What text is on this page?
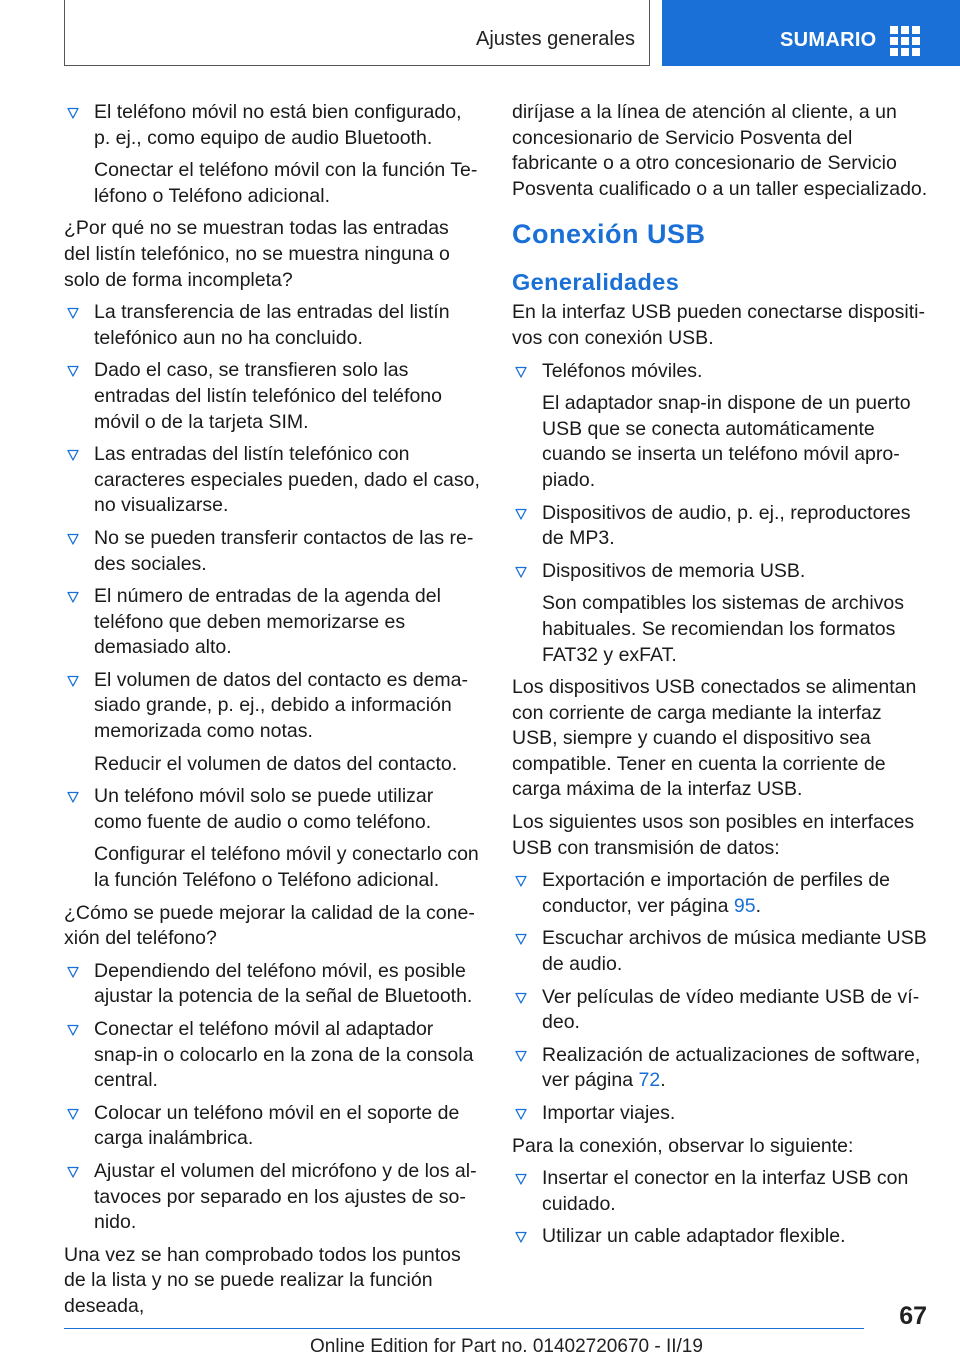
Ajustes generales	SUMARIO
El teléfono móvil no está bien configurado, p. ej., como equipo de audio Bluetooth.
Conectar el teléfono móvil con la función Teléfono o Teléfono adicional.
¿Por qué no se muestran todas las entradas del listín telefónico, no se muestra ninguna o solo de forma incompleta?
La transferencia de las entradas del listín telefónico aun no ha concluido.
Dado el caso, se transfieren solo las entradas del listín telefónico del teléfono móvil o de la tarjeta SIM.
Las entradas del listín telefónico con caracteres especiales pueden, dado el caso, no visualizarse.
No se pueden transferir contactos de las redes sociales.
El número de entradas de la agenda del teléfono que deben memorizarse es demasiado alto.
El volumen de datos del contacto es demasiado grande, p. ej., debido a información memorizada como notas.
Reducir el volumen de datos del contacto.
Un teléfono móvil solo se puede utilizar como fuente de audio o como teléfono.
Configurar el teléfono móvil y conectarlo con la función Teléfono o Teléfono adicional.
¿Cómo se puede mejorar la calidad de la conexión del teléfono?
Dependiendo del teléfono móvil, es posible ajustar la potencia de la señal de Bluetooth.
Conectar el teléfono móvil al adaptador snap-in o colocarlo en la zona de la consola central.
Colocar un teléfono móvil en el soporte de carga inalámbrica.
Ajustar el volumen del micrófono y de los altavoces por separado en los ajustes de sonido.
Una vez se han comprobado todos los puntos de la lista y no se puede realizar la función deseada,
diríjase a la línea de atención al cliente, a un concesionario de Servicio Posventa del fabricante o a otro concesionario de Servicio Posventa cualificado o a un taller especializado.
Conexión USB
Generalidades
En la interfaz USB pueden conectarse dispositivos con conexión USB.
Teléfonos móviles.
El adaptador snap-in dispone de un puerto USB que se conecta automáticamente cuando se inserta un teléfono móvil apropiado.
Dispositivos de audio, p. ej., reproductores de MP3.
Dispositivos de memoria USB.
Son compatibles los sistemas de archivos habituales. Se recomiendan los formatos FAT32 y exFAT.
Los dispositivos USB conectados se alimentan con corriente de carga mediante la interfaz USB, siempre y cuando el dispositivo sea compatible. Tener en cuenta la corriente de carga máxima de la interfaz USB.
Los siguientes usos son posibles en interfaces USB con transmisión de datos:
Exportación e importación de perfiles de conductor, ver página 95.
Escuchar archivos de música mediante USB de audio.
Ver películas de vídeo mediante USB de vídeo.
Realización de actualizaciones de software, ver página 72.
Importar viajes.
Para la conexión, observar lo siguiente:
Insertar el conector en la interfaz USB con cuidado.
Utilizar un cable adaptador flexible.
67
Online Edition for Part no. 01402720670 - II/19
